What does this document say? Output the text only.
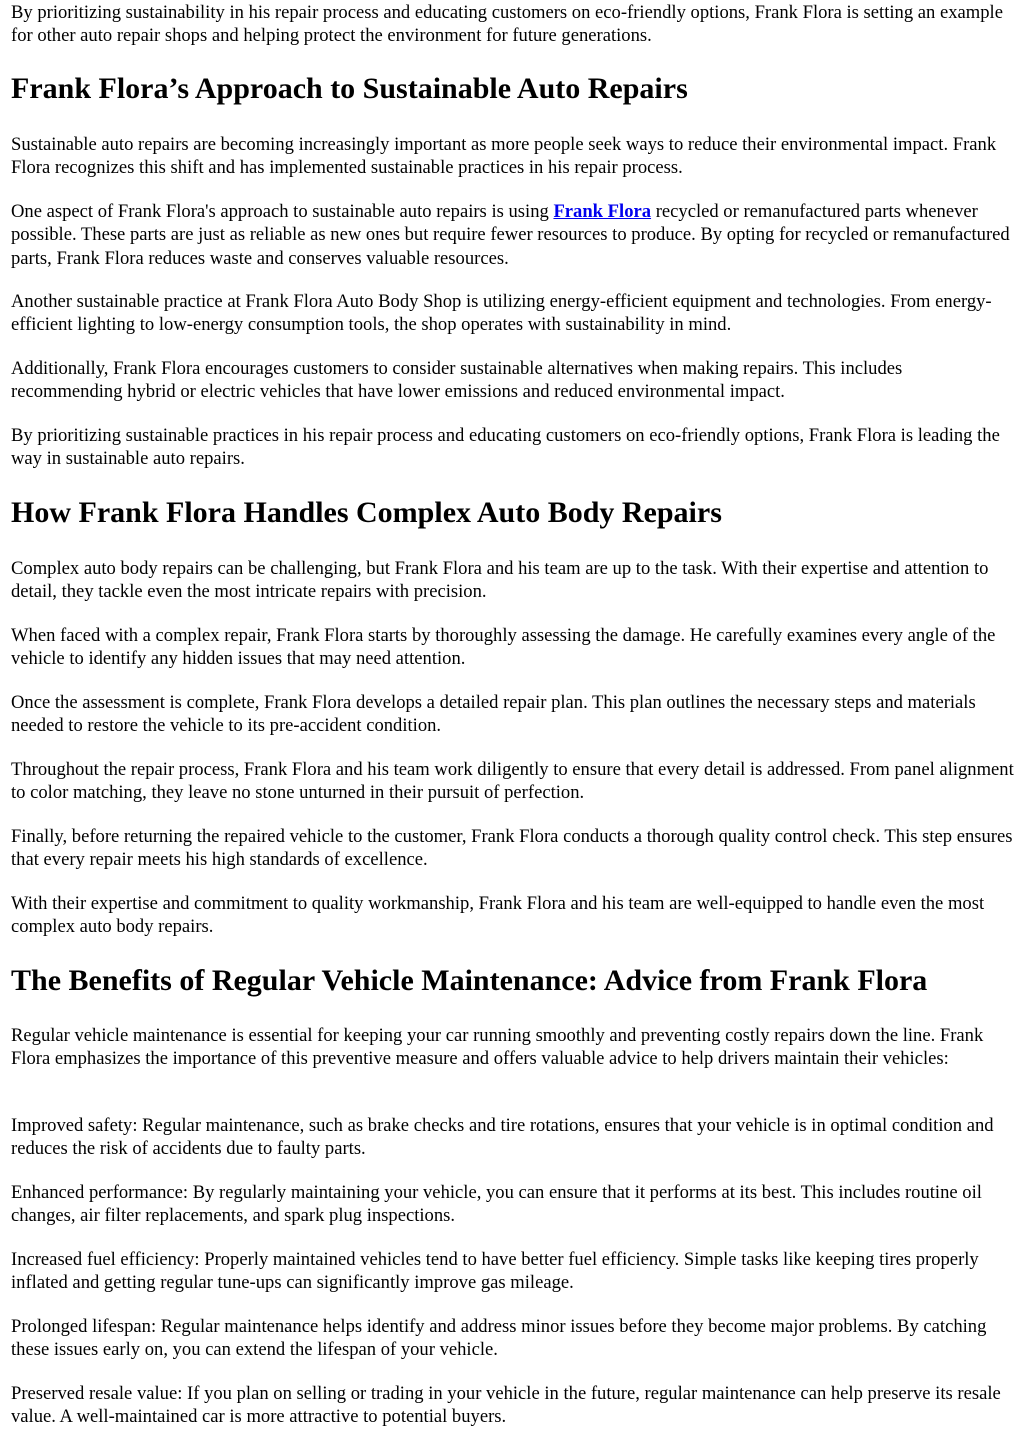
By prioritizing sustainability in his repair process and educating customers on eco-friendly options, Frank Flora is setting an example for other auto repair shops and helping protect the environment for future generations.

Frank Flora’s Approach to Sustainable Auto Repairs

Sustainable auto repairs are becoming increasingly important as more people seek ways to reduce their environmental impact. Frank Flora recognizes this shift and has implemented sustainable practices in his repair process.

One aspect of Frank Flora's approach to sustainable auto repairs is using Frank Flora recycled or remanufactured parts whenever possible. These parts are just as reliable as new ones but require fewer resources to produce. By opting for recycled or remanufactured parts, Frank Flora reduces waste and conserves valuable resources.

Another sustainable practice at Frank Flora Auto Body Shop is utilizing energy-efficient equipment and technologies. From energy-efficient lighting to low-energy consumption tools, the shop operates with sustainability in mind.

Additionally, Frank Flora encourages customers to consider sustainable alternatives when making repairs. This includes recommending hybrid or electric vehicles that have lower emissions and reduced environmental impact.

By prioritizing sustainable practices in his repair process and educating customers on eco-friendly options, Frank Flora is leading the way in sustainable auto repairs.

How Frank Flora Handles Complex Auto Body Repairs

Complex auto body repairs can be challenging, but Frank Flora and his team are up to the task. With their expertise and attention to detail, they tackle even the most intricate repairs with precision.

When faced with a complex repair, Frank Flora starts by thoroughly assessing the damage. He carefully examines every angle of the vehicle to identify any hidden issues that may need attention.

Once the assessment is complete, Frank Flora develops a detailed repair plan. This plan outlines the necessary steps and materials needed to restore the vehicle to its pre-accident condition.

Throughout the repair process, Frank Flora and his team work diligently to ensure that every detail is addressed. From panel alignment to color matching, they leave no stone unturned in their pursuit of perfection.

Finally, before returning the repaired vehicle to the customer, Frank Flora conducts a thorough quality control check. This step ensures that every repair meets his high standards of excellence.

With their expertise and commitment to quality workmanship, Frank Flora and his team are well-equipped to handle even the most complex auto body repairs.

The Benefits of Regular Vehicle Maintenance: Advice from Frank Flora

Regular vehicle maintenance is essential for keeping your car running smoothly and preventing costly repairs down the line. Frank Flora emphasizes the importance of this preventive measure and offers valuable advice to help drivers maintain their vehicles:

Improved safety: Regular maintenance, such as brake checks and tire rotations, ensures that your vehicle is in optimal condition and reduces the risk of accidents due to faulty parts.

Enhanced performance: By regularly maintaining your vehicle, you can ensure that it performs at its best. This includes routine oil changes, air filter replacements, and spark plug inspections.

Increased fuel efficiency: Properly maintained vehicles tend to have better fuel efficiency. Simple tasks like keeping tires properly inflated and getting regular tune-ups can significantly improve gas mileage.

Prolonged lifespan: Regular maintenance helps identify and address minor issues before they become major problems. By catching these issues early on, you can extend the lifespan of your vehicle.

Preserved resale value: If you plan on selling or trading in your vehicle in the future, regular maintenance can help preserve its resale value. A well-maintained car is more attractive to potential buyers.
